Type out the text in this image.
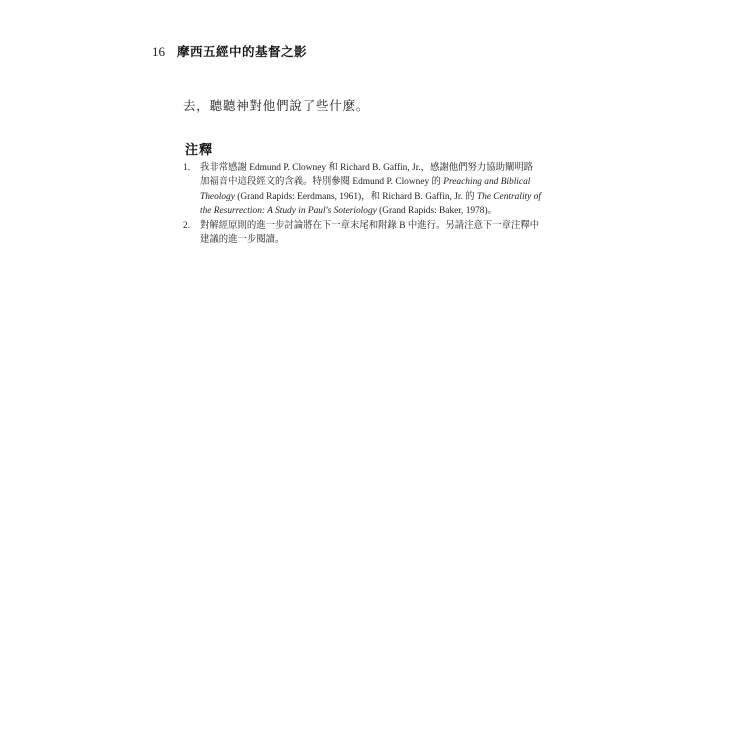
16 摩西五經中的基督之影
去，聽聽神對他們說了些什麼。
注釋
1.	我非常感謝 Edmund P. Clowney 和 Richard B. Gaffin, Jr.，感謝他們努力協助闡明路
加福音中這段經文的含義。特別參閱 Edmund P. Clowney 的 Preaching and Biblical
Theology (Grand Rapids: Eerdmans, 1961)，和 Richard B. Gaffin, Jr. 的 The Centrality of
the Resurrection: A Study in Paul's Soteriology (Grand Rapids: Baker, 1978)。
2.	對解經原則的進一步討論將在下一章末尾和附錄 B 中進行。另請注意下一章注釋中
建議的進一步閱讀。
